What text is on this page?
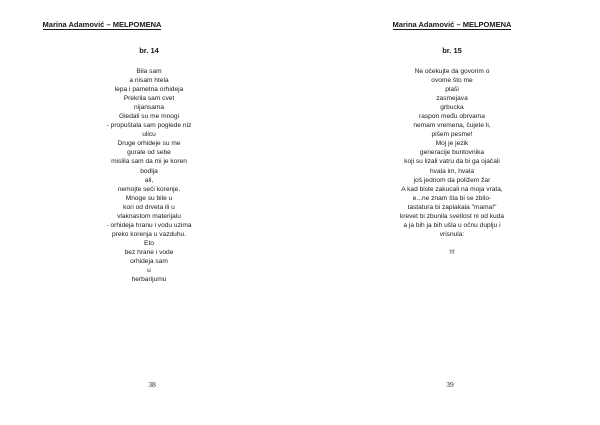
Marina Adamović – MELPOMENA
br. 14
Bila sam
a nisam htela
lepa i pametna orhideja
Prekrila sam cvet
nijansama
Gledali su me mnogi
- propuštala sam poglede niz
ulicu
Druge orhideje su me
gurale od sebe
mislila sam da mi je koren
bodlja
ali,
nemojte seći korenje.
Mnoge su bile u
kori od drveta ili u
vlaknastom materijalu
- orhideja hranu i vodu uzima
preko korenja u vazduhu.
Eto
bez hrane i vode
orhideja sam
u
herbarijumu
38
Marina Adamović – MELPOMENA
br. 15
Ne očekujte da govorim o
ovome što me
plaši
zasmejava
grbucka
raspon među obrvama
nemam vremena, čujete li,
pišem pesme!
Moj je jezik
generacije buntovnika
koji su lizali vatru da bi ga ojačali
hvala im, hvala
još jednom da poližem žar
A kad biste zakucali na moja vrata,
e...ne znam šta bi se zbilo-
tastatura bi zaplakala "mama!"
krevet bi zbunila svetlost ni od kuda
a ja bih ja bih ušla u očnu duplju i
vrisnula:
!!!
39
